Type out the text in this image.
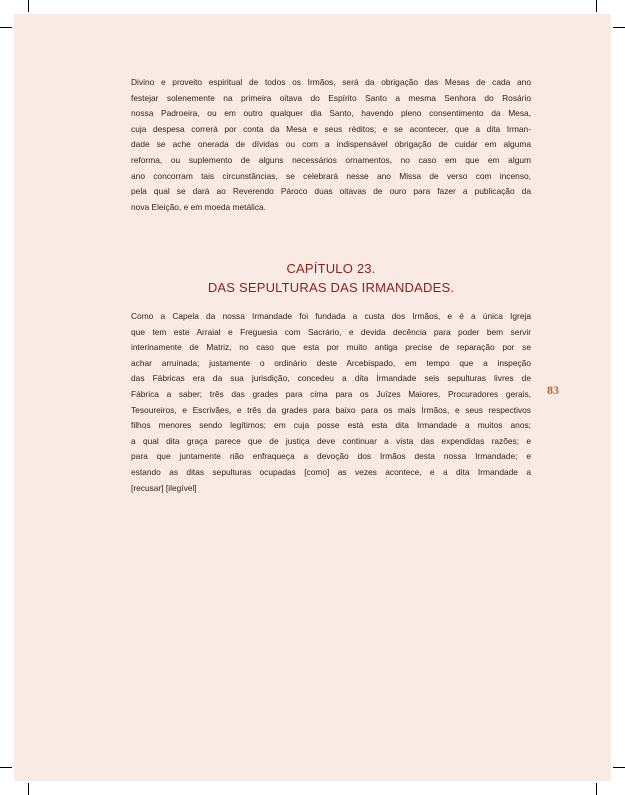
Divino e proveito espiritual de todos os Irmãos, será da obrigação das Mesas de cada ano
festejar solenemente na primeira oitava do Espírito Santo a mesma Senhora do Rosário
nossa Padroeira, ou em outro qualquer dia Santo, havendo pleno consentimento da Mesa,
cuja despesa correrá por conta da Mesa e seus réditos; e se acontecer, que a dita Irman-
dade se ache onerada de dívidas ou com a indispensável obrigação de cuidar em alguma
reforma, ou suplemento de alguns necessários ornamentos, no caso em que em algum
ano concorram tais circunstâncias, se celebrará nesse ano Missa de verso com incenso,
pela qual se dará ao Reverendo Pároco duas oitavas de ouro para fazer a publicação da
nova Eleição, e em moeda metálica.
CAPÍTULO 23.
DAS SEPULTURAS DAS IRMANDADES.
Como a Capela da nossa Irmandade foi fundada a custa dos Irmãos, e é a única Igreja
que tem este Arraial e Freguesia com Sacrário, e devida decência para poder bem servir
interinamente de Matriz, no caso que esta por muito antiga precise de reparação por se
achar arruinada; justamente o ordinário deste Arcebispado, em tempo que a inspeção
das Fábricas era da sua jurisdição, concedeu a dita Irmandade seis sepulturas livres de
Fábrica a saber; três das grades para cima para os Juízes Maiores, Procuradores gerais,
Tesoureiros, e Escrivães, e três da grades para baixo para os mais Irmãos, e seus respectivos
filhos menores sendo legítimos; em cuja posse está esta dita Irmandade a muitos anos;
a qual dita graça parece que de justiça deve continuar a vista das expendidas razões; e
para que juntamente não enfraqueça a devoção dos Irmãos desta nossa Irmandade; e
estando as ditas sepulturas ocupadas [como] as vezes acontece, e a dita Irmandade a
[recusar] [ilegível]
83
